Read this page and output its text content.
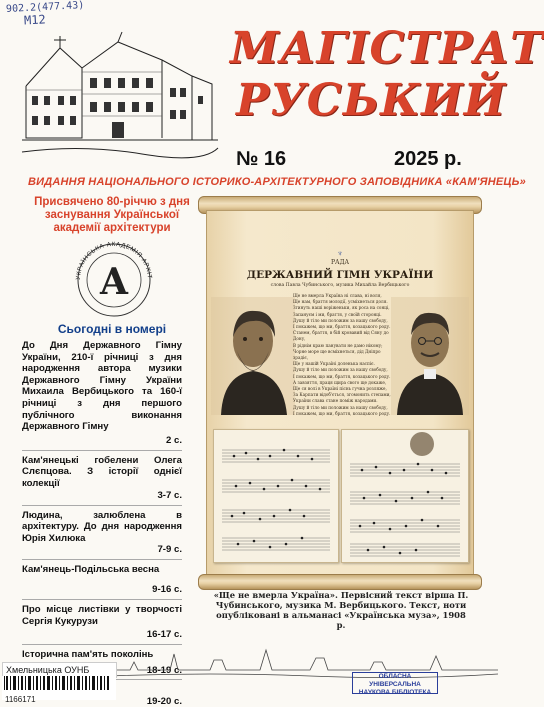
902.2(477.43)
М12
МАГІСТРАТ
РУСЬКИЙ
№ 16	2025 р.
ВИДАННЯ НАЦІОНАЛЬНОГО ІСТОРИКО-АРХІТЕКТУРНОГО ЗАПОВІДНИКА «КАМ'ЯНЕЦЬ»
Присвячено 80-річчю з дня заснування Української академії архітектури
УКРАЇНСЬКА АКАДЕМІЯ АРХІТ
А
Сьогодні в номері
До Дня Державного Гімну України, 210-ї річниці з дня народження автора музики Державного Гімну України Михаила Вербицького та 160-ї річниці з дня першого публічного виконання Державного Гімну
2 с.
Кам'янецькі гобелени Олега Слєпцова. З історії однієї колекції
3-7 с.
Людина, залюблена в архітектуру. До дня народження Юрія Хилюка
7-9 с.
Кам'янець-Подільська весна
9-16 с.
Про місце листівки у творчості Сергія Кукурузи
16-17 с.
Історична пам'ять поколінь
18-19 с.
19-20 с.
♆
РАДА
ДЕРЖАВНИЙ ГІМН УКРАЇНИ
слова Павла Чубинського, музика Михайла Вербицького
Ще не вмерла Україна ні слава, ні воля,
Ще нам, браття молодії, усміхнеться доля.
Згинуть наші воріженьки, як роса на сонці,
Запануєм і ми, браття, у своїй сторонці.
Душу й тіло ми положим за нашу свободу,
І покажем, що ми, браття, козацького роду.
Станем, браття, в бій кровавий від Сяну до Дону,
В ріднім краю панувати не дамо нікому;
Чорне море ще всміхнеться, дід Дніпро зрадіє,
Ще у нашій Україні доленька наспіє.
Душу й тіло ми положим за нашу свободу,
І покажем, що ми, браття, козацького роду.
А завзяття, праця щира свого ще докаже,
Ще ся волі в Україні піснь гучна розляже,
За Карпати відоб'ється, згомонить степами,
України слава стане поміж народами.
Душу й тіло ми положим за нашу свободу,
І покажем, що ми, браття, козацького роду.
«Ще не вмерла Україна». Первісний текст вірша П. Чубинського, музика М. Вербицького. Текст, ноти опубліковані в альманасі «Українська муза», 1908 р.
Хмельницька ОУНБ
1166171
ОБЛАСНА УНІВЕРСАЛЬНА
НАУКОВА БІБЛІОТЕКА
